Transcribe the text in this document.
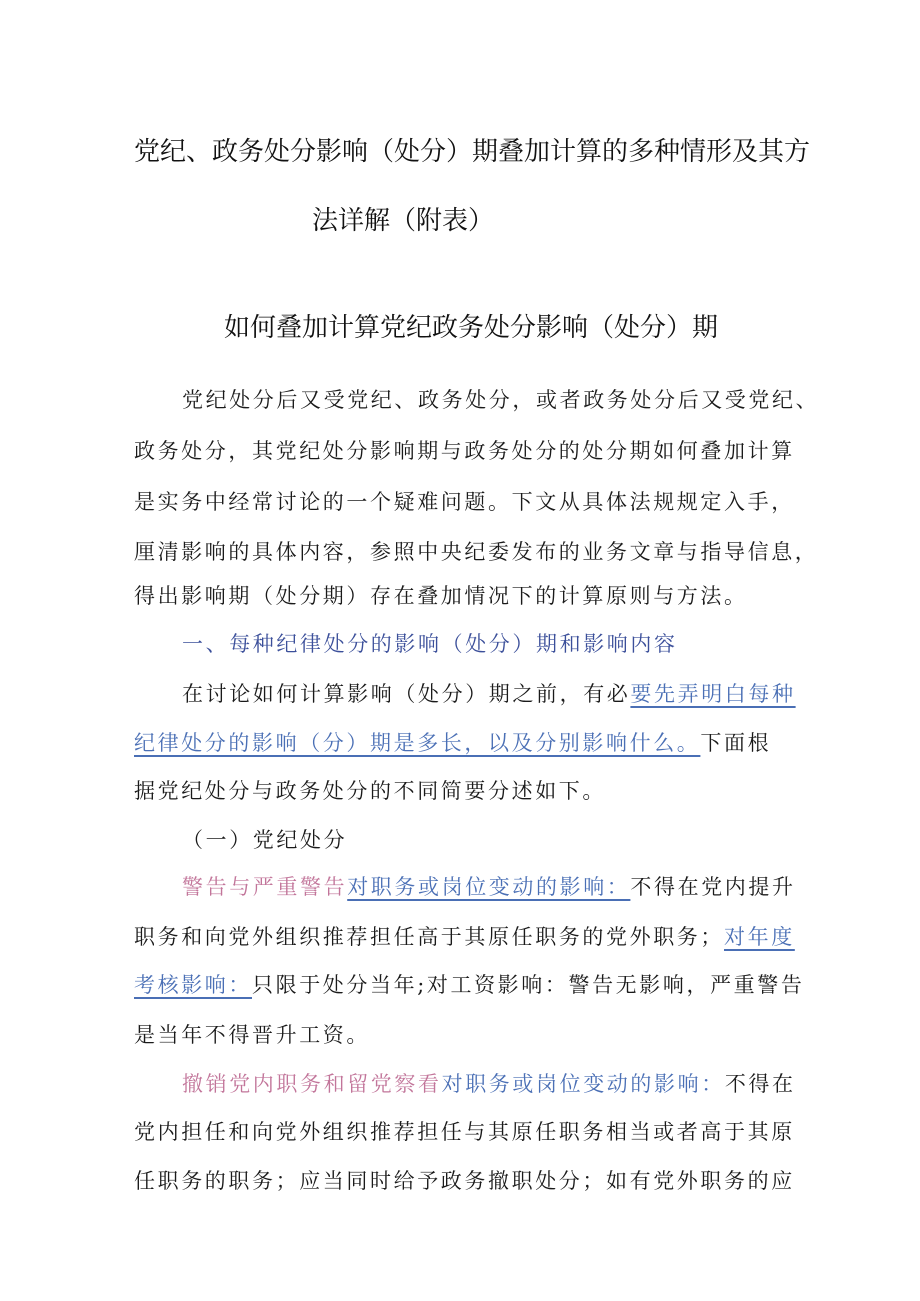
党纪、政务处分影响（处分）期叠加计算的多种情形及其方
法详解（附表）
如何叠加计算党纪政务处分影响（处分）期
党纪处分后又受党纪、政务处分，或者政务处分后又受党纪、
政务处分，其党纪处分影响期与政务处分的处分期如何叠加计算
是实务中经常讨论的一个疑难问题。下文从具体法规规定入手，
厘清影响的具体内容，参照中央纪委发布的业务文章与指导信息，
得出影响期（处分期）存在叠加情况下的计算原则与方法。
一、每种纪律处分的影响（处分）期和影响内容
在讨论如何计算影响（处分）期之前，有必要先弄明白每种
纪律处分的影响（分）期是多长，以及分别影响什么。下面根
据党纪处分与政务处分的不同简要分述如下。
（一）党纪处分
警告与严重警告对职务或岗位变动的影响：不得在党内提升
职务和向党外组织推荐担任高于其原任职务的党外职务；对年度
考核影响：只限于处分当年;对工资影响：警告无影响，严重警告
是当年不得晋升工资。
撤销党内职务和留党察看对职务或岗位变动的影响：不得在
党内担任和向党外组织推荐担任与其原任职务相当或者高于其原
任职务的职务；应当同时给予政务撤职处分；如有党外职务的应
